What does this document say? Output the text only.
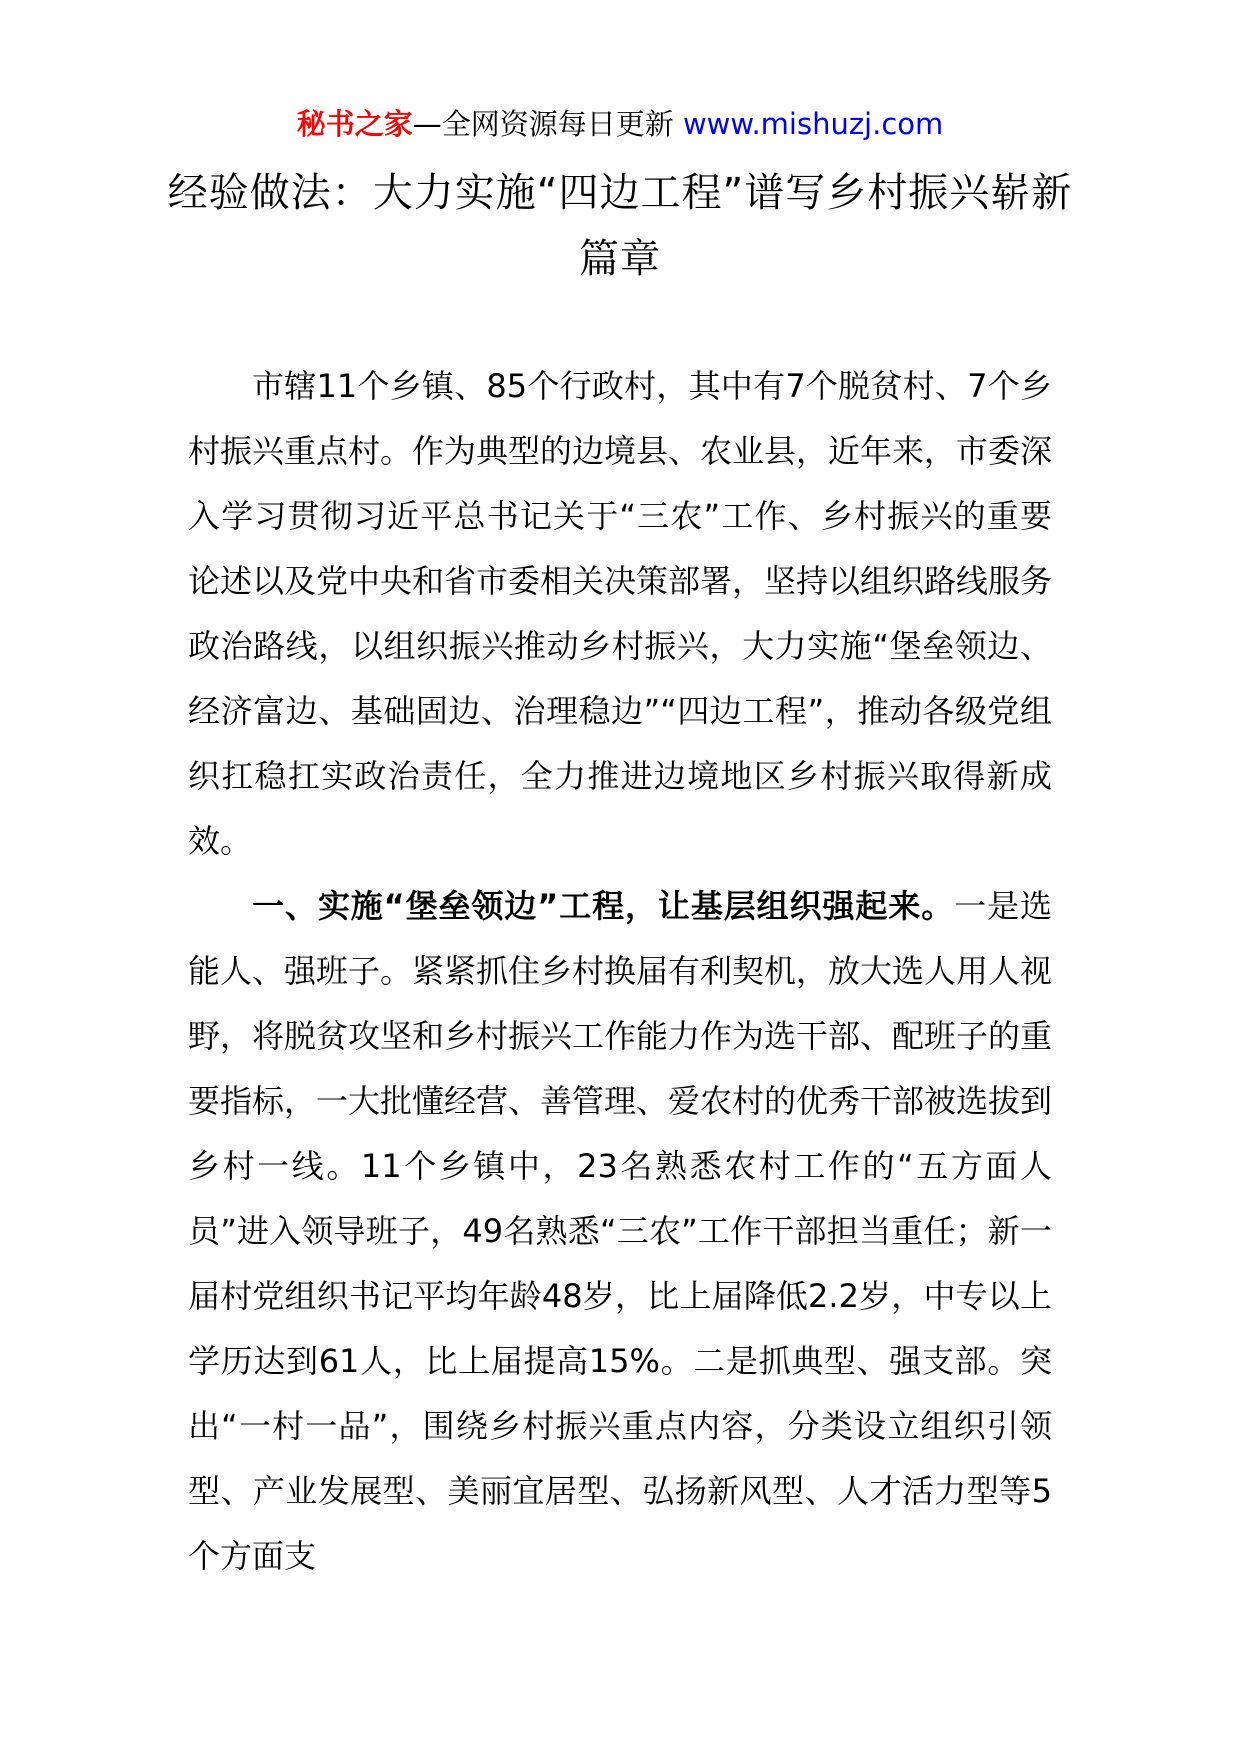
秘书之家—全网资源每日更新 www.mishuzj.com
经验做法：大力实施“四边工程”谱写乡村振兴崭新篇章

市辖11个乡镇、85个行政村，其中有7个脱贫村、7个乡村振兴重点村。作为典型的边境县、农业县，近年来，市委深入学习贯彻习近平总书记关于“三农”工作、乡村振兴的重要论述以及党中央和省市委相关决策部署，坚持以组织路线服务政治路线，以组织振兴推动乡村振兴，大力实施“堡垒领边、经济富边、基础固边、治理稳边”“四边工程”，推动各级党组织扛稳扛实政治责任，全力推进边境地区乡村振兴取得新成效。

一、实施“堡垒领边”工程，让基层组织强起来。一是选能人、强班子。紧紧抓住乡村换届有利契机，放大选人用人视野，将脱贫攻坚和乡村振兴工作能力作为选干部、配班子的重要指标，一大批懂经营、善管理、爱农村的优秀干部被选拔到乡村一线。11个乡镇中，23名熟悉农村工作的“五方面人员”进入领导班子，49名熟悉“三农”工作干部担当重任；新一届村党组织书记平均年龄48岁，比上届降低2.2岁，中专以上学历达到61人，比上届提高15%。二是抓典型、强支部。突出“一村一品”，围绕乡村振兴重点内容，分类设立组织引领型、产业发展型、美丽宜居型、弘扬新风型、人才活力型等5个方面支
